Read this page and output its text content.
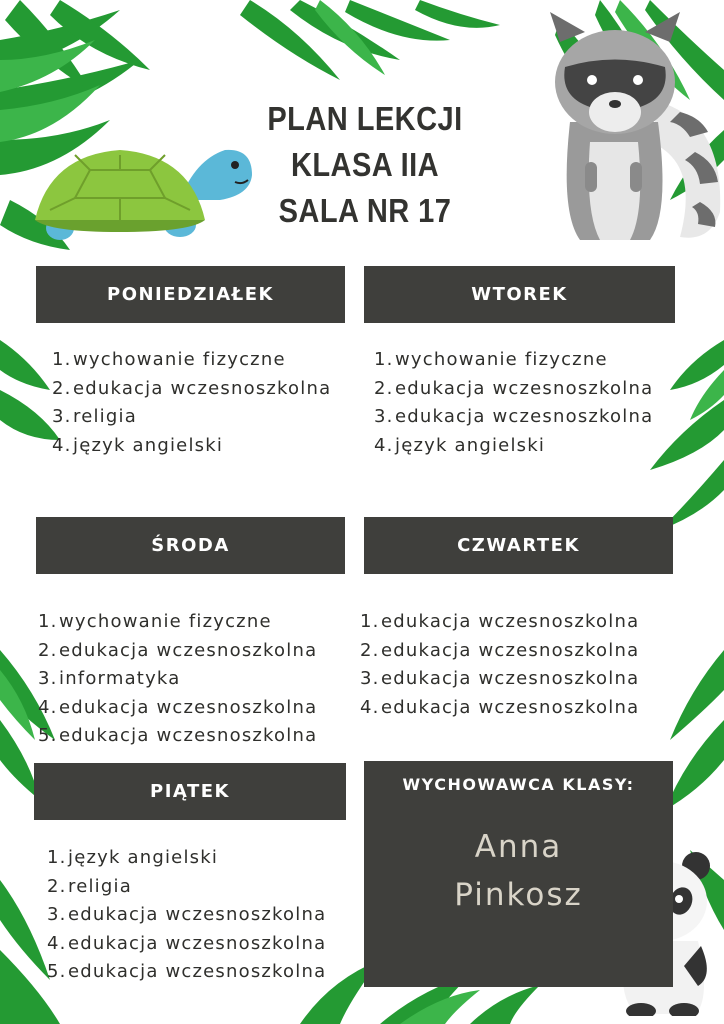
PLAN LEKCJI
KLASA IIA
SALA NR 17
PONIEDZIAŁEK
1.wychowanie fizyczne
2.edukacja wczesnoszkolna
3.religia
4.język angielski
WTOREK
1.wychowanie fizyczne
2.edukacja wczesnoszkolna
3.edukacja wczesnoszkolna
4.język angielski
ŚRODA
1.wychowanie fizyczne
2.edukacja wczesnoszkolna
3.informatyka
4.edukacja wczesnoszkolna
5.edukacja wczesnoszkolna
CZWARTEK
1.edukacja wczesnoszkolna
2.edukacja wczesnoszkolna
3.edukacja wczesnoszkolna
4.edukacja wczesnoszkolna
PIĄTEK
1.język angielski
2.religia
3.edukacja wczesnoszkolna
4.edukacja wczesnoszkolna
5.edukacja wczesnoszkolna
WYCHOWAWCA KLASY:
Anna
Pinkosz
